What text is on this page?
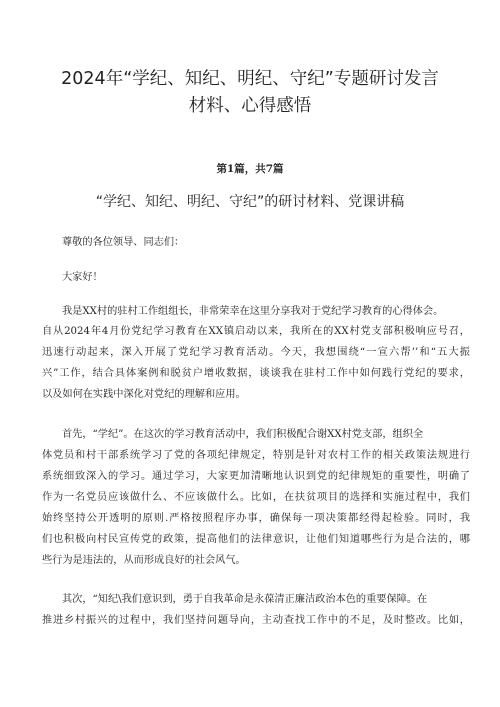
2024年“学纪、知纪、明纪、守纪”专题研讨发言
材料、心得感悟
第1篇，共7篇
“学纪、知纪、明纪、守纪”的研讨材料、党课讲稿
尊敬的各位领导、同志们：
大家好！
我是XX村的驻村工作组组长，非常荣幸在这里分享我对于党纪学习教育的心得体会。
自从2024年4月份党纪学习教育在XX镇启动以来，我所在的XX村党支部积极响应号召，
迅速行动起来，深入开展了党纪学习教育活动。今天，我想围绕“一宣六帮’’和“五大振
兴”工作，结合具体案例和脱贫户增收数据，谈谈我在驻村工作中如何践行党纪的要求，
以及如何在实践中深化对党纪的理解和应用。
首先，“学纪”。在这次的学习教育活动中，我们积极配合谢XX村党支部，组织全
体党员和村干部系统学习了党的各项纪律规定，特别是针对农村工作的相关政策法规进行
系统细致深入的学习。通过学习，大家更加清晰地认识到党的纪律规矩的重要性，明确了
作为一名党员应该做什么、不应该做什么。比如，在扶贫项目的选择和实施过程中，我们
始终坚持公开透明的原则.严格按照程序办事，确保每一项决策都经得起检验。同时，我
们也积极向村民宣传党的政策，提高他们的法律意识，让他们知道哪些行为是合法的，哪
些行为是违法的，从而形成良好的社会风气。
其次，“知纪\我们意识到，勇于自我革命是永葆清正廉洁政治本色的重要保障。在
推进乡村振兴的过程中，我们坚持问题导向，主动查找工作中的不足，及时整改。比如，
